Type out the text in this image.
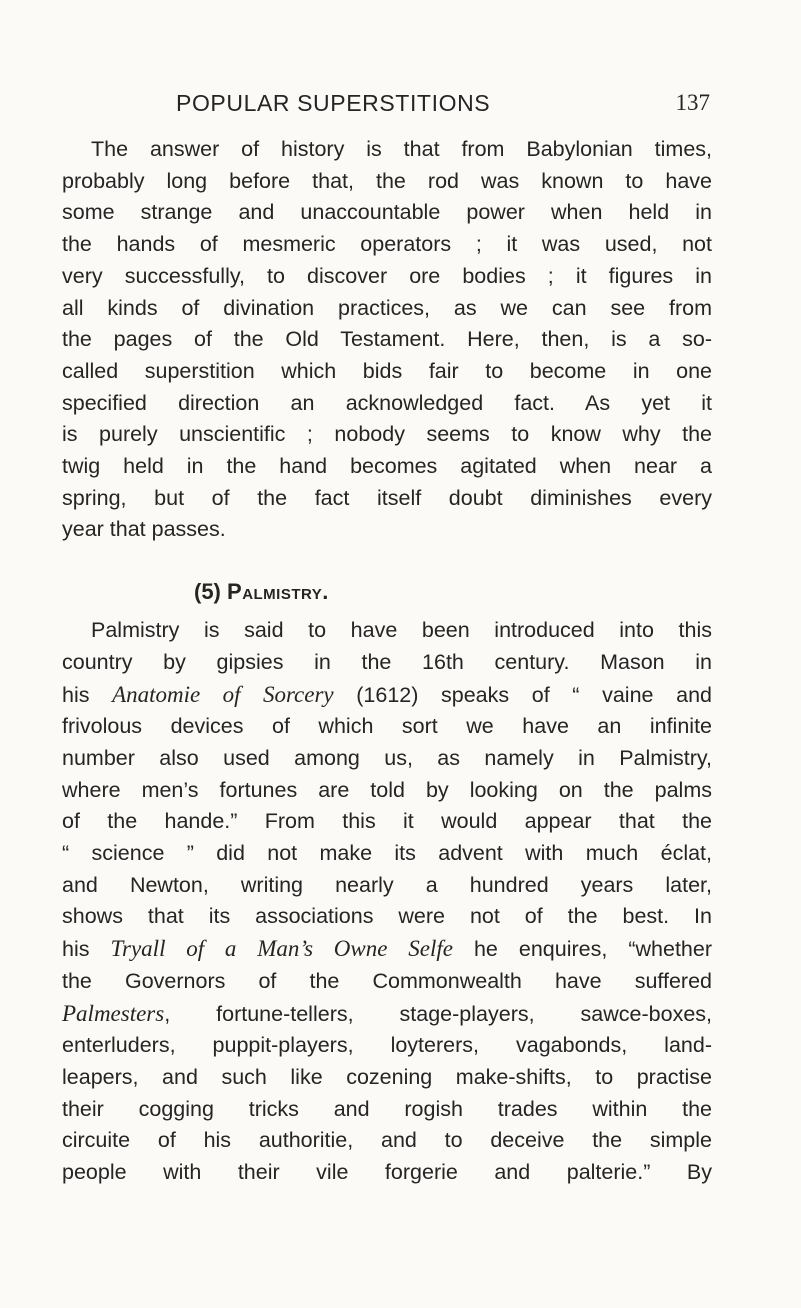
POPULAR SUPERSTITIONS	137

The answer of history is that from Babylonian times,
probably long before that, the rod was known to have
some strange and unaccountable power when held in
the hands of mesmeric operators ; it was used, not
very successfully, to discover ore bodies ; it figures in
all kinds of divination practices, as we can see from
the pages of the Old Testament. Here, then, is a so-
called superstition which bids fair to become in one
specified direction an acknowledged fact. As yet it
is purely unscientific ; nobody seems to know why the
twig held in the hand becomes agitated when near a
spring, but of the fact itself doubt diminishes every
year that passes.

(5) Palmistry.

Palmistry is said to have been introduced into this
country by gipsies in the 16th century. Mason in
his Anatomie of Sorcery (1612) speaks of “ vaine and
frivolous devices of which sort we have an infinite
number also used among us, as namely in Palmistry,
where men’s fortunes are told by looking on the palms
of the hande.” From this it would appear that the
“ science ” did not make its advent with much éclat,
and Newton, writing nearly a hundred years later,
shows that its associations were not of the best. In
his Tryall of a Man’s Owne Selfe he enquires, “whether
the Governors of the Commonwealth have suffered
Palmesters, fortune-tellers, stage-players, sawce-boxes,
enterluders, puppit-players, loyterers, vagabonds, land-
leapers, and such like cozening make-shifts, to practise
their cogging tricks and rogish trades within the
circuite of his authoritie, and to deceive the simple
people with their vile forgerie and palterie.” By
